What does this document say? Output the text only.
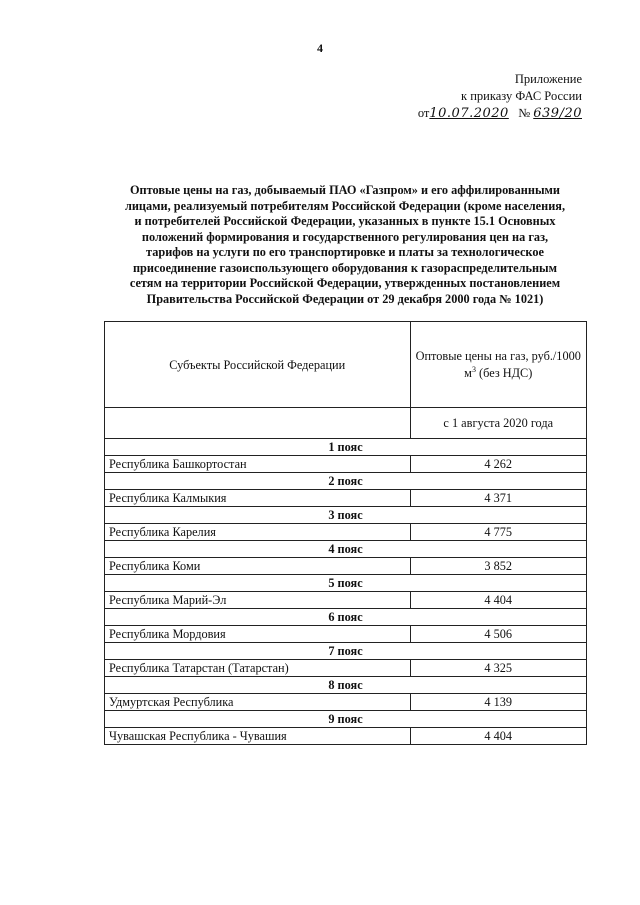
4
Приложение
к приказу ФАС России
от10.07.2020 № 639/20
Оптовые цены на газ, добываемый ПАО «Газпром» и его аффилированными
лицами, реализуемый потребителям Российской Федерации (кроме населения,
и потребителей Российской Федерации, указанных в пункте 15.1 Основных
положений формирования и государственного регулирования цен на газ,
тарифов на услуги по его транспортировке и платы за технологическое
присоединение газоиспользующего оборудования к газораспределительным
сетям на территории Российской Федерации, утвержденных постановлением
Правительства Российской Федерации от 29 декабря 2000 года № 1021)
Субъекты Российской Федерации	Оптовые цены на газ, руб./1000 $м^3$ (без НДС)
	с 1 августа 2020 года
1 пояс	
Республика Башкортостан	4 262
2 пояс	
Республика Калмыкия	4 371
3 пояс	
Республика Карелия	4 775
4 пояс	
Республика Коми	3 852
5 пояс	
Республика Марий-Эл	4 404
6 пояс	
Республика Мордовия	4 506
7 пояс	
Республика Татарстан (Татарстан)	4 325
8 пояс	
Удмуртская Республика	4 139
9 пояс	
Чувашская Республика - Чувашия	4 404
